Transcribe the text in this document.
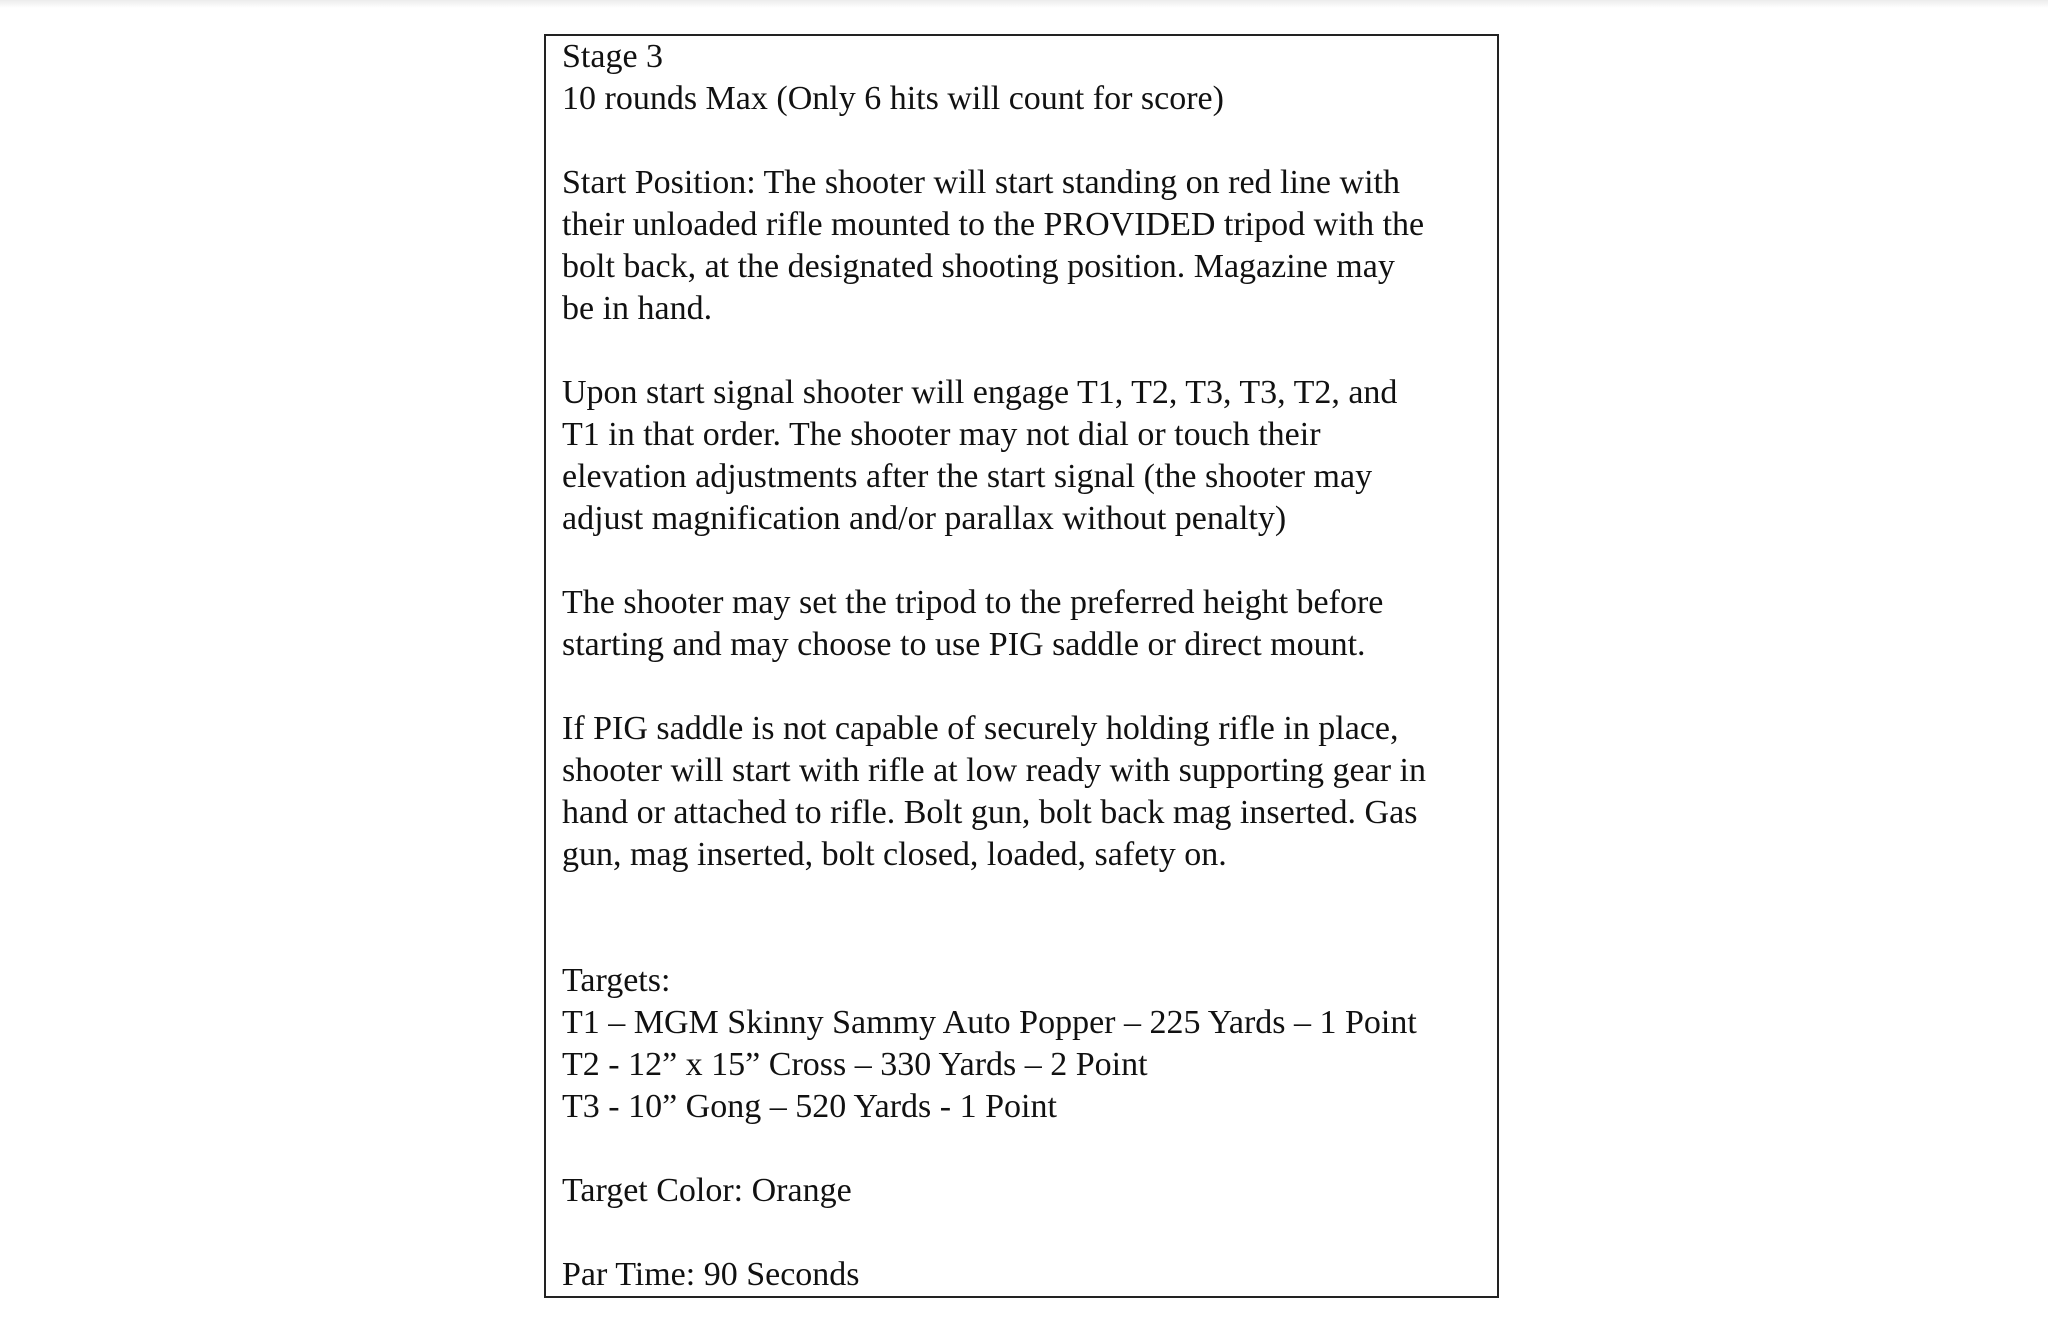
Stage 3
10 rounds Max (Only 6 hits will count for score)
Start Position: The shooter will start standing on red line with
their unloaded rifle mounted to the PROVIDED tripod with the
bolt back, at the designated shooting position. Magazine may
be in hand.
Upon start signal shooter will engage T1, T2, T3, T3, T2, and
T1 in that order. The shooter may not dial or touch their
elevation adjustments after the start signal (the shooter may
adjust magnification and/or parallax without penalty)
The shooter may set the tripod to the preferred height before
starting and may choose to use PIG saddle or direct mount.
If PIG saddle is not capable of securely holding rifle in place,
shooter will start with rifle at low ready with supporting gear in
hand or attached to rifle. Bolt gun, bolt back mag inserted. Gas
gun, mag inserted, bolt closed, loaded, safety on.
Targets:
T1 – MGM Skinny Sammy Auto Popper – 225 Yards – 1 Point
T2 - 12” x 15” Cross – 330 Yards – 2 Point
T3 - 10” Gong – 520 Yards - 1 Point
Target Color: Orange
Par Time: 90 Seconds
